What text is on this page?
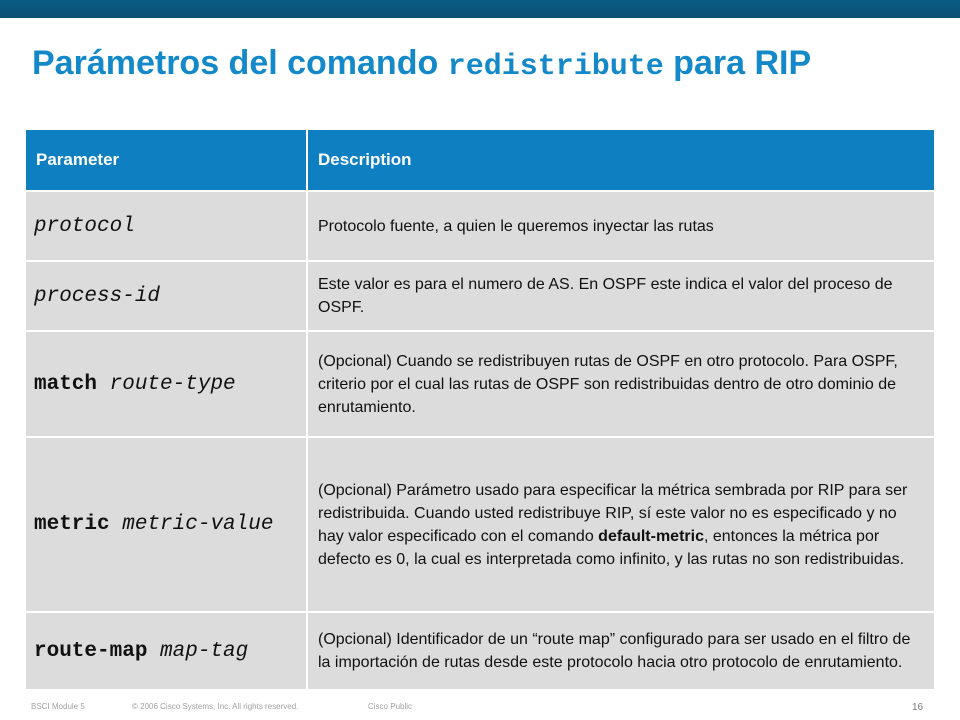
Parámetros del comando redistribute para RIP
Parameter	Description
protocol	Protocolo fuente, a quien le queremos inyectar las rutas
process-id	Este valor es para el numero de AS. En OSPF este indica el valor del proceso de OSPF.
match route-type	(Opcional) Cuando se redistribuyen rutas de OSPF en otro protocolo. Para OSPF, criterio por el cual las rutas de OSPF son redistribuidas dentro de otro dominio de enrutamiento.
metric metric-value	(Opcional) Parámetro usado para especificar la métrica sembrada por RIP para ser redistribuida. Cuando usted redistribuye RIP, sí este valor no es especificado y no hay valor especificado con el comando default-metric, entonces la métrica por defecto es 0, la cual es interpretada como infinito, y las rutas no son redistribuidas.
route-map map-tag	(Opcional) Identificador de un “route map” configurado para ser usado en el filtro de la importación de rutas desde este protocolo hacia otro protocolo de enrutamiento.
BSCI Module 5	© 2006 Cisco Systems, Inc. All rights reserved.	Cisco Public	16
